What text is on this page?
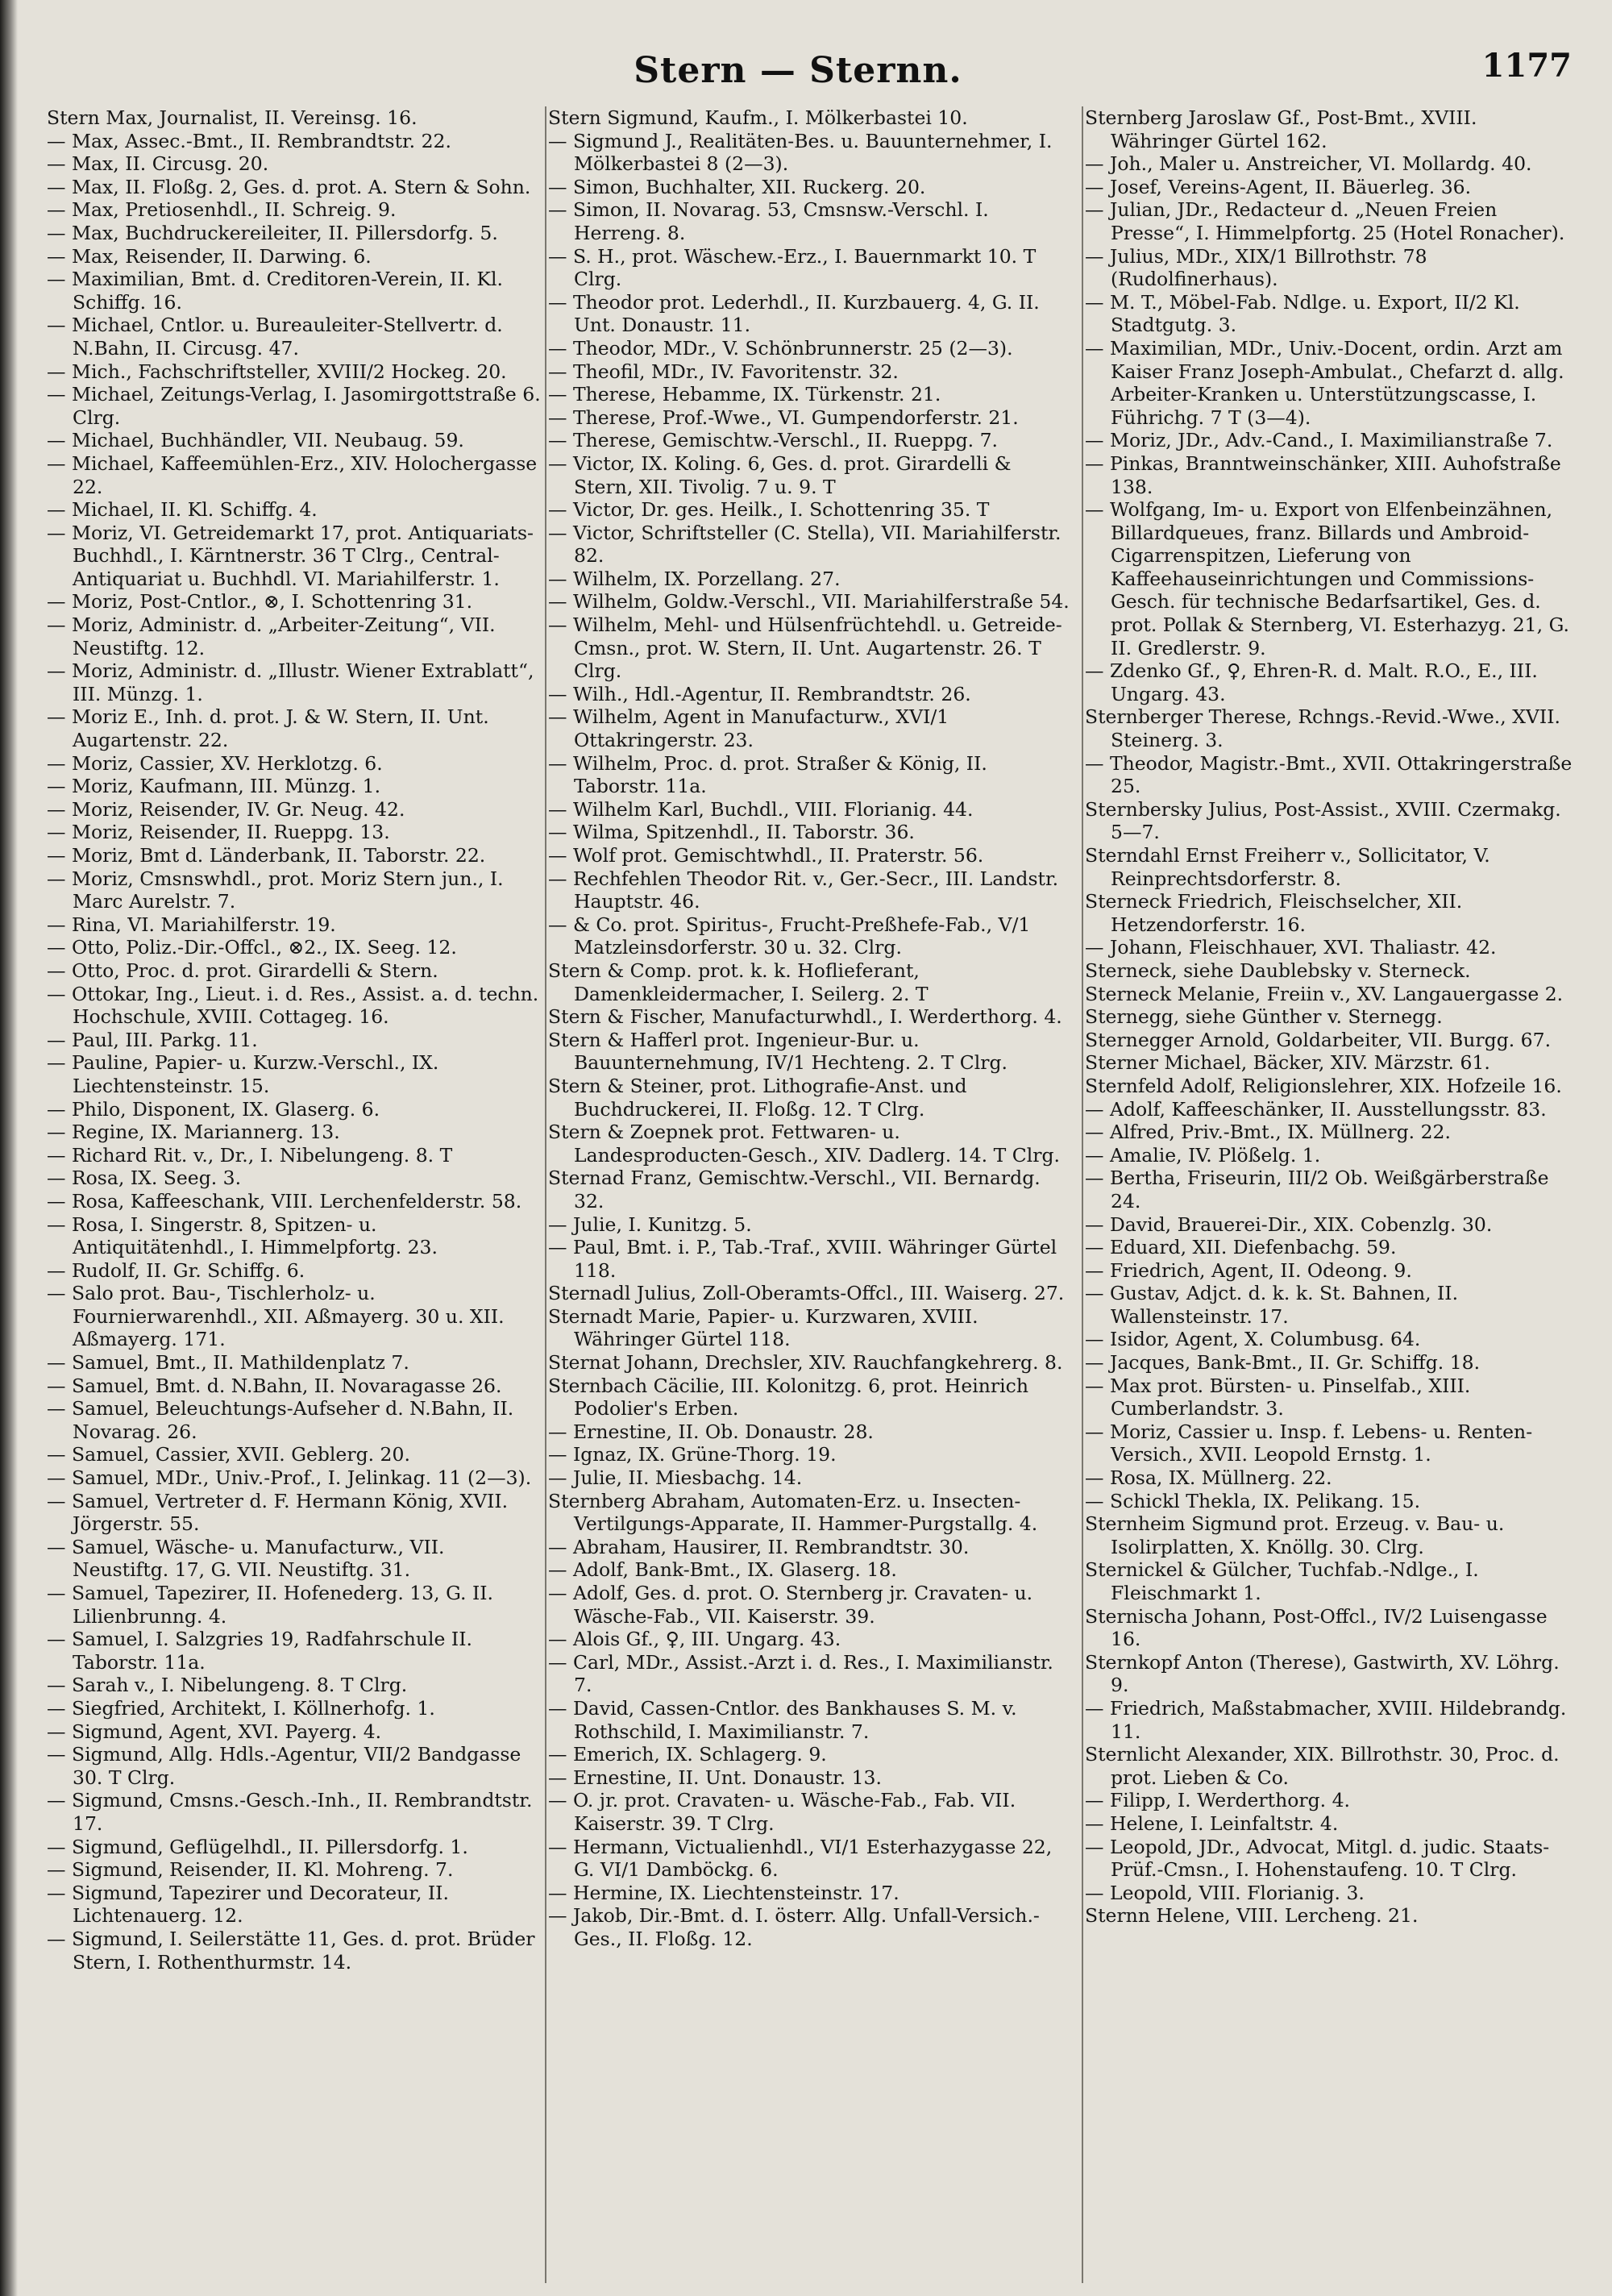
Stern — Sternn.	1177
Stern Max, Journalist, II. Vereinsg. 16.
— Max, Assec.-Bmt., II. Rembrandtstr. 22.
— Max, II. Circusg. 20.
— Max, II. Floßg. 2, Ges. d. prot. A. Stern & Sohn.
— Max, Pretiosenhdl., II. Schreig. 9.
— Max, Buchdruckereileiter, II. Pillersdorfg. 5.
— Max, Reisender, II. Darwing. 6.
— Maximilian, Bmt. d. Creditoren-Verein, II. Kl. Schiffg. 16.
— Michael, Cntlor. u. Bureauleiter-Stellvertr. d. N.Bahn, II. Circusg. 47.
— Mich., Fachschriftsteller, XVIII/2 Hockeg. 20.
— Michael, Zeitungs-Verlag, I. Jasomirgottstraße 6. Clrg.
— Michael, Buchhändler, VII. Neubaug. 59.
— Michael, Kaffeemühlen-Erz., XIV. Holochergasse 22.
— Michael, II. Kl. Schiffg. 4.
— Moriz, VI. Getreidemarkt 17, prot. Antiquariats-Buchhdl., I. Kärntnerstr. 36 T Clrg., Central-Antiquariat u. Buchhdl. VI. Mariahilferstr. 1.
— Moriz, Post-Cntlor., ⊗, I. Schottenring 31.
— Moriz, Administr. d. „Arbeiter-Zeitung“, VII. Neustiftg. 12.
— Moriz, Administr. d. „Illustr. Wiener Extrablatt“, III. Münzg. 1.
— Moriz E., Inh. d. prot. J. & W. Stern, II. Unt. Augartenstr. 22.
— Moriz, Cassier, XV. Herklotzg. 6.
— Moriz, Kaufmann, III. Münzg. 1.
— Moriz, Reisender, IV. Gr. Neug. 42.
— Moriz, Reisender, II. Rueppg. 13.
— Moriz, Bmt d. Länderbank, II. Taborstr. 22.
— Moriz, Cmsnswhdl., prot. Moriz Stern jun., I. Marc Aurelstr. 7.
— Rina, VI. Mariahilferstr. 19.
— Otto, Poliz.-Dir.-Offcl., ⊗2., IX. Seeg. 12.
— Otto, Proc. d. prot. Girardelli & Stern.
— Ottokar, Ing., Lieut. i. d. Res., Assist. a. d. techn. Hochschule, XVIII. Cottageg. 16.
— Paul, III. Parkg. 11.
— Pauline, Papier- u. Kurzw.-Verschl., IX. Liechtensteinstr. 15.
— Philo, Disponent, IX. Glaserg. 6.
— Regine, IX. Mariannerg. 13.
— Richard Rit. v., Dr., I. Nibelungeng. 8. T
— Rosa, IX. Seeg. 3.
— Rosa, Kaffeeschank, VIII. Lerchenfelderstr. 58.
— Rosa, I. Singerstr. 8, Spitzen- u. Antiquitätenhdl., I. Himmelpfortg. 23.
— Rudolf, II. Gr. Schiffg. 6.
— Salo prot. Bau-, Tischlerholz- u. Fournierwarenhdl., XII. Aßmayerg. 30 u. XII. Aßmayerg. 171.
— Samuel, Bmt., II. Mathildenplatz 7.
— Samuel, Bmt. d. N.Bahn, II. Novaragasse 26.
— Samuel, Beleuchtungs-Aufseher d. N.Bahn, II. Novarag. 26.
— Samuel, Cassier, XVII. Geblerg. 20.
— Samuel, MDr., Univ.-Prof., I. Jelinkag. 11 (2—3).
— Samuel, Vertreter d. F. Hermann König, XVII. Jörgerstr. 55.
— Samuel, Wäsche- u. Manufacturw., VII. Neustiftg. 17, G. VII. Neustiftg. 31.
— Samuel, Tapezirer, II. Hofenederg. 13, G. II. Lilienbrunng. 4.
— Samuel, I. Salzgries 19, Radfahrschule II. Taborstr. 11a.
— Sarah v., I. Nibelungeng. 8. T Clrg.
— Siegfried, Architekt, I. Köllnerhofg. 1.
— Sigmund, Agent, XVI. Payerg. 4.
— Sigmund, Allg. Hdls.-Agentur, VII/2 Bandgasse 30. T Clrg.
— Sigmund, Cmsns.-Gesch.-Inh., II. Rembrandtstr. 17.
— Sigmund, Geflügelhdl., II. Pillersdorfg. 1.
— Sigmund, Reisender, II. Kl. Mohreng. 7.
— Sigmund, Tapezirer und Decorateur, II. Lichtenauerg. 12.
— Sigmund, I. Seilerstätte 11, Ges. d. prot. Brüder Stern, I. Rothenthurmstr. 14.
Stern Sigmund, Kaufm., I. Mölkerbastei 10.
— Sigmund J., Realitäten-Bes. u. Bauunternehmer, I. Mölkerbastei 8 (2—3).
— Simon, Buchhalter, XII. Ruckerg. 20.
— Simon, II. Novarag. 53, Cmsnsw.-Verschl. I. Herreng. 8.
— S. H., prot. Wäschew.-Erz., I. Bauernmarkt 10. T Clrg.
— Theodor prot. Lederhdl., II. Kurzbauerg. 4, G. II. Unt. Donaustr. 11.
— Theodor, MDr., V. Schönbrunnerstr. 25 (2—3).
— Theofil, MDr., IV. Favoritenstr. 32.
— Therese, Hebamme, IX. Türkenstr. 21.
— Therese, Prof.-Wwe., VI. Gumpendorferstr. 21.
— Therese, Gemischtw.-Verschl., II. Rueppg. 7.
— Victor, IX. Koling. 6, Ges. d. prot. Girardelli & Stern, XII. Tivolig. 7 u. 9. T
— Victor, Dr. ges. Heilk., I. Schottenring 35. T
— Victor, Schriftsteller (C. Stella), VII. Mariahilferstr. 82.
— Wilhelm, IX. Porzellang. 27.
— Wilhelm, Goldw.-Verschl., VII. Mariahilferstraße 54.
— Wilhelm, Mehl- und Hülsenfrüchtehdl. u. Getreide-Cmsn., prot. W. Stern, II. Unt. Augartenstr. 26. T Clrg.
— Wilh., Hdl.-Agentur, II. Rembrandtstr. 26.
— Wilhelm, Agent in Manufacturw., XVI/1 Ottakringerstr. 23.
— Wilhelm, Proc. d. prot. Straßer & König, II. Taborstr. 11a.
— Wilhelm Karl, Buchdl., VIII. Florianig. 44.
— Wilma, Spitzenhdl., II. Taborstr. 36.
— Wolf prot. Gemischtwhdl., II. Praterstr. 56.
— Rechfehlen Theodor Rit. v., Ger.-Secr., III. Landstr. Hauptstr. 46.
— & Co. prot. Spiritus-, Frucht-Preßhefe-Fab., V/1 Matzleinsdorferstr. 30 u. 32. Clrg.
Stern & Comp. prot. k. k. Hoflieferant, Damenkleidermacher, I. Seilerg. 2. T
Stern & Fischer, Manufacturwhdl., I. Werderthorg. 4.
Stern & Hafferl prot. Ingenieur-Bur. u. Bauunternehmung, IV/1 Hechteng. 2. T Clrg.
Stern & Steiner, prot. Lithografie-Anst. und Buchdruckerei, II. Floßg. 12. T Clrg.
Stern & Zoepnek prot. Fettwaren- u. Landesproducten-Gesch., XIV. Dadlerg. 14. T Clrg.
Sternad Franz, Gemischtw.-Verschl., VII. Bernardg. 32.
— Julie, I. Kunitzg. 5.
— Paul, Bmt. i. P., Tab.-Traf., XVIII. Währinger Gürtel 118.
Sternadl Julius, Zoll-Oberamts-Offcl., III. Waiserg. 27.
Sternadt Marie, Papier- u. Kurzwaren, XVIII. Währinger Gürtel 118.
Sternat Johann, Drechsler, XIV. Rauchfangkehrerg. 8.
Sternbach Cäcilie, III. Kolonitzg. 6, prot. Heinrich Podolier's Erben.
— Ernestine, II. Ob. Donaustr. 28.
— Ignaz, IX. Grüne-Thorg. 19.
— Julie, II. Miesbachg. 14.
Sternberg Abraham, Automaten-Erz. u. Insecten-Vertilgungs-Apparate, II. Hammer-Purgstallg. 4.
— Abraham, Hausirer, II. Rembrandtstr. 30.
— Adolf, Bank-Bmt., IX. Glaserg. 18.
— Adolf, Ges. d. prot. O. Sternberg jr. Cravaten- u. Wäsche-Fab., VII. Kaiserstr. 39.
— Alois Gf., ♀, III. Ungarg. 43.
— Carl, MDr., Assist.-Arzt i. d. Res., I. Maximilianstr. 7.
— David, Cassen-Cntlor. des Bankhauses S. M. v. Rothschild, I. Maximilianstr. 7.
— Emerich, IX. Schlagerg. 9.
— Ernestine, II. Unt. Donaustr. 13.
— O. jr. prot. Cravaten- u. Wäsche-Fab., Fab. VII. Kaiserstr. 39. T Clrg.
— Hermann, Victualienhdl., VI/1 Esterhazygasse 22, G. VI/1 Damböckg. 6.
— Hermine, IX. Liechtensteinstr. 17.
— Jakob, Dir.-Bmt. d. I. österr. Allg. Unfall-Versich.-Ges., II. Floßg. 12.
Sternberg Jaroslaw Gf., Post-Bmt., XVIII. Währinger Gürtel 162.
— Joh., Maler u. Anstreicher, VI. Mollardg. 40.
— Josef, Vereins-Agent, II. Bäuerleg. 36.
— Julian, JDr., Redacteur d. „Neuen Freien Presse“, I. Himmelpfortg. 25 (Hotel Ronacher).
— Julius, MDr., XIX/1 Billrothstr. 78 (Rudolfinerhaus).
— M. T., Möbel-Fab. Ndlge. u. Export, II/2 Kl. Stadtgutg. 3.
— Maximilian, MDr., Univ.-Docent, ordin. Arzt am Kaiser Franz Joseph-Ambulat., Chefarzt d. allg. Arbeiter-Kranken u. Unterstützungscasse, I. Führichg. 7 T (3—4).
— Moriz, JDr., Adv.-Cand., I. Maximilianstraße 7.
— Pinkas, Branntweinschänker, XIII. Auhofstraße 138.
— Wolfgang, Im- u. Export von Elfenbeinzähnen, Billardqueues, franz. Billards und Ambroid-Cigarrenspitzen, Lieferung von Kaffeehauseinrichtungen und Commissions-Gesch. für technische Bedarfsartikel, Ges. d. prot. Pollak & Sternberg, VI. Esterhazyg. 21, G. II. Gredlerstr. 9.
— Zdenko Gf., ♀, Ehren-R. d. Malt. R.O., E., III. Ungarg. 43.
Sternberger Therese, Rchngs.-Revid.-Wwe., XVII. Steinerg. 3.
— Theodor, Magistr.-Bmt., XVII. Ottakringerstraße 25.
Sternbersky Julius, Post-Assist., XVIII. Czermakg. 5—7.
Sterndahl Ernst Freiherr v., Sollicitator, V. Reinprechtsdorferstr. 8.
Sterneck Friedrich, Fleischselcher, XII. Hetzendorferstr. 16.
— Johann, Fleischhauer, XVI. Thaliastr. 42.
Sterneck, siehe Daublebsky v. Sterneck.
Sterneck Melanie, Freiin v., XV. Langauergasse 2.
Sternegg, siehe Günther v. Sternegg.
Sternegger Arnold, Goldarbeiter, VII. Burgg. 67.
Sterner Michael, Bäcker, XIV. Märzstr. 61.
Sternfeld Adolf, Religionslehrer, XIX. Hofzeile 16.
— Adolf, Kaffeeschänker, II. Ausstellungsstr. 83.
— Alfred, Priv.-Bmt., IX. Müllnerg. 22.
— Amalie, IV. Plößelg. 1.
— Bertha, Friseurin, III/2 Ob. Weißgärberstraße 24.
— David, Brauerei-Dir., XIX. Cobenzlg. 30.
— Eduard, XII. Diefenbachg. 59.
— Friedrich, Agent, II. Odeong. 9.
— Gustav, Adjct. d. k. k. St. Bahnen, II. Wallensteinstr. 17.
— Isidor, Agent, X. Columbusg. 64.
— Jacques, Bank-Bmt., II. Gr. Schiffg. 18.
— Max prot. Bürsten- u. Pinselfab., XIII. Cumberlandstr. 3.
— Moriz, Cassier u. Insp. f. Lebens- u. Renten-Versich., XVII. Leopold Ernstg. 1.
— Rosa, IX. Müllnerg. 22.
— Schickl Thekla, IX. Pelikang. 15.
Sternheim Sigmund prot. Erzeug. v. Bau- u. Isolirplatten, X. Knöllg. 30. Clrg.
Sternickel & Gülcher, Tuchfab.-Ndlge., I. Fleischmarkt 1.
Sternischa Johann, Post-Offcl., IV/2 Luisengasse 16.
Sternkopf Anton (Therese), Gastwirth, XV. Löhrg. 9.
— Friedrich, Maßstabmacher, XVIII. Hildebrandg. 11.
Sternlicht Alexander, XIX. Billrothstr. 30, Proc. d. prot. Lieben & Co.
— Filipp, I. Werderthorg. 4.
— Helene, I. Leinfaltstr. 4.
— Leopold, JDr., Advocat, Mitgl. d. judic. Staats-Prüf.-Cmsn., I. Hohenstaufeng. 10. T Clrg.
— Leopold, VIII. Florianig. 3.
Sternn Helene, VIII. Lercheng. 21.
